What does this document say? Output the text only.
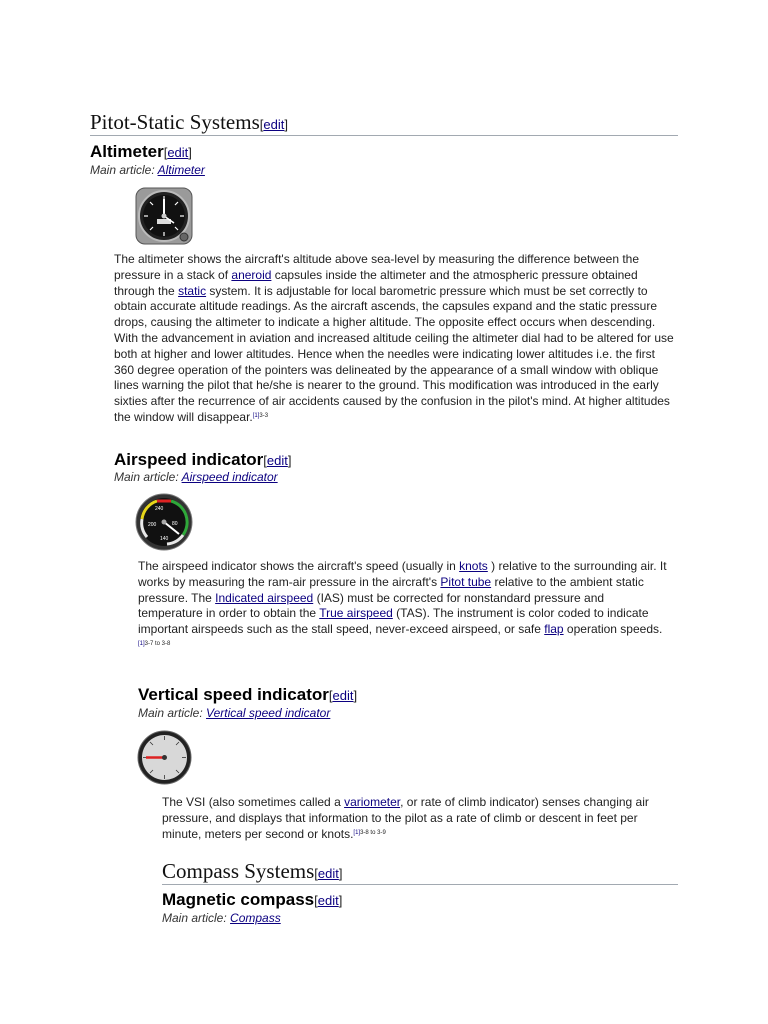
Pitot-Static Systems[edit]
Altimeter[edit]
Main article: Altimeter

The altimeter shows the aircraft's altitude above sea-level by measuring the difference between the pressure in a stack of aneroid capsules inside the altimeter and the atmospheric pressure obtained through the static system. It is adjustable for local barometric pressure which must be set correctly to obtain accurate altitude readings. As the aircraft ascends, the capsules expand and the static pressure drops, causing the altimeter to indicate a higher altitude. The opposite effect occurs when descending. With the advancement in aviation and increased altitude ceiling the altimeter dial had to be altered for use both at higher and lower altitudes. Hence when the needles were indicating lower altitudes i.e. the first 360 degree operation of the pointers was delineated by the appearance of a small window with oblique lines warning the pilot that he/she is nearer to the ground. This modification was introduced in the early sixties after the recurrence of air accidents caused by the confusion in the pilot's mind. At higher altitudes the window will disappear.$^{[1]3-3}$

Airspeed indicator[edit]
Main article: Airspeed indicator
200
240
80
140

The airspeed indicator shows the aircraft's speed (usually in knots ) relative to the surrounding air. It works by measuring the ram-air pressure in the aircraft's Pitot tube relative to the ambient static pressure. The Indicated airspeed (IAS) must be corrected for nonstandard pressure and temperature in order to obtain the True airspeed (TAS). The instrument is color coded to indicate important airspeeds such as the stall speed, never-exceed airspeed, or safe flap operation speeds.$^{[1]3-7 to 3-8}$

Vertical speed indicator[edit]
Main article: Vertical speed indicator

The VSI (also sometimes called a variometer, or rate of climb indicator) senses changing air pressure, and displays that information to the pilot as a rate of climb or descent in feet per minute, meters per second or knots.$^{[1]3-8 to 3-9}$

Compass Systems[edit]
Magnetic compass[edit]
Main article: Compass
